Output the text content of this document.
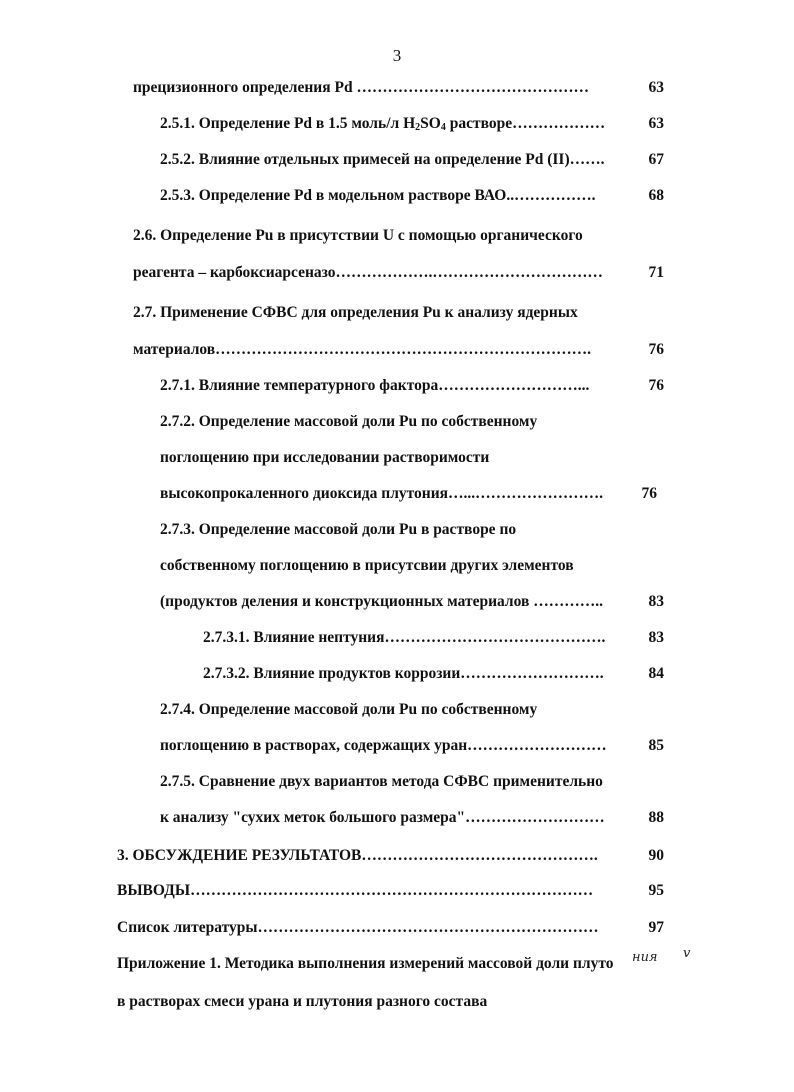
3
прецизионного определения Pd ………………………………………	63
2.5.1. Определение Pd в 1.5 моль/л $H_2SO_4$ растворе………………	63
2.5.2. Влияние отдельных примесей на определение Pd (II)…….	67
2.5.3. Определение Pd в модельном растворе ВАО..…………….	68
2.6. Определение Pu в присутствии U с помощью органического
реагента – карбоксиарсеназо……………….……………………………	71
2.7. Применение СФВС для определения Pu к анализу ядерных
материалов……………………………………………………………….	76
2.7.1. Влияние температурного фактора………………………...	76
2.7.2. Определение массовой доли Pu по собственному
поглощению при исследовании растворимости
высокопрокаленного диоксида плутония…...…………………….	76
2.7.3. Определение массовой доли Pu в растворе по
собственному поглощению в присутсвии других элементов
(продуктов деления и конструкционных материалов …………..	83
2.7.3.1. Влияние нептуния…………………………………….	83
2.7.3.2. Влияние продуктов коррозии……………………….	84
2.7.4. Определение массовой доли Pu по собственному
поглощению в растворах, содержащих уран………………………	85
2.7.5. Сравнение двух вариантов метода СФВС применительно
к анализу "сухих меток большого размера"………………………	88
3. ОБСУЖДЕНИЕ РЕЗУЛЬТАТОВ……………………………………….	90
ВЫВОДЫ……………………………………………………………………	95
Список литературы…………………………………………………………	97
Приложение 1. Методика выполнения измерений массовой доли плуто ния v
в растворах смеси урана и плутония разного состава
